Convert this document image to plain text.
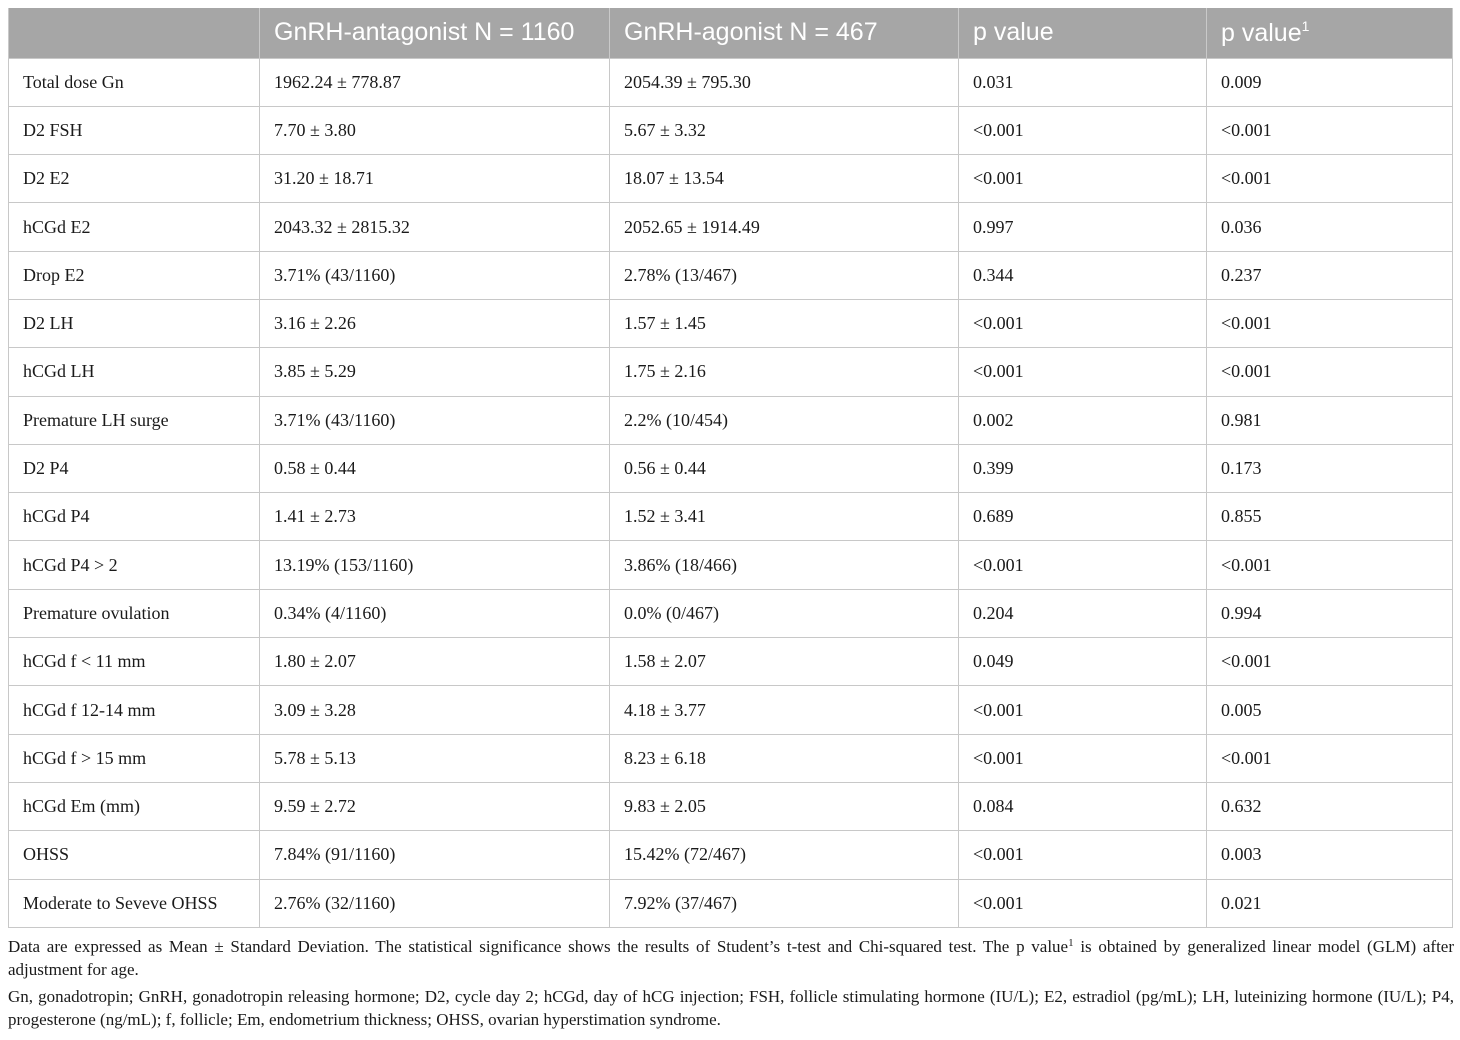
	GnRH-antagonist N = 1160	GnRH-agonist N = 467	p value	p value$^1$
Total dose Gn	1962.24 ± 778.87	2054.39 ± 795.30	0.031	0.009
D2 FSH	7.70 ± 3.80	5.67 ± 3.32	<0.001	<0.001
D2 E2	31.20 ± 18.71	18.07 ± 13.54	<0.001	<0.001
hCGd E2	2043.32 ± 2815.32	2052.65 ± 1914.49	0.997	0.036
Drop E2	3.71% (43/1160)	2.78% (13/467)	0.344	0.237
D2 LH	3.16 ± 2.26	1.57 ± 1.45	<0.001	<0.001
hCGd LH	3.85 ± 5.29	1.75 ± 2.16	<0.001	<0.001
Premature LH surge	3.71% (43/1160)	2.2% (10/454)	0.002	0.981
D2 P4	0.58 ± 0.44	0.56 ± 0.44	0.399	0.173
hCGd P4	1.41 ± 2.73	1.52 ± 3.41	0.689	0.855
hCGd P4 > 2	13.19% (153/1160)	3.86% (18/466)	<0.001	<0.001
Premature ovulation	0.34% (4/1160)	0.0% (0/467)	0.204	0.994
hCGd f < 11 mm	1.80 ± 2.07	1.58 ± 2.07	0.049	<0.001
hCGd f 12-14 mm	3.09 ± 3.28	4.18 ± 3.77	<0.001	0.005
hCGd f > 15 mm	5.78 ± 5.13	8.23 ± 6.18	<0.001	<0.001
hCGd Em (mm)	9.59 ± 2.72	9.83 ± 2.05	0.084	0.632
OHSS	7.84% (91/1160)	15.42% (72/467)	<0.001	0.003
Moderate to Seveve OHSS	2.76% (32/1160)	7.92% (37/467)	<0.001	0.021

Data are expressed as Mean ± Standard Deviation. The statistical significance shows the results of Student’s t-test and Chi-squared test. The p value$^1$ is obtained by generalized linear model (GLM) after adjustment for age.

Gn, gonadotropin; GnRH, gonadotropin releasing hormone; D2, cycle day 2; hCGd, day of hCG injection; FSH, follicle stimulating hormone (IU/L); E2, estradiol (pg/mL); LH, luteinizing hormone (IU/L); P4, progesterone (ng/mL); f, follicle; Em, endometrium thickness; OHSS, ovarian hyperstimation syndrome.
